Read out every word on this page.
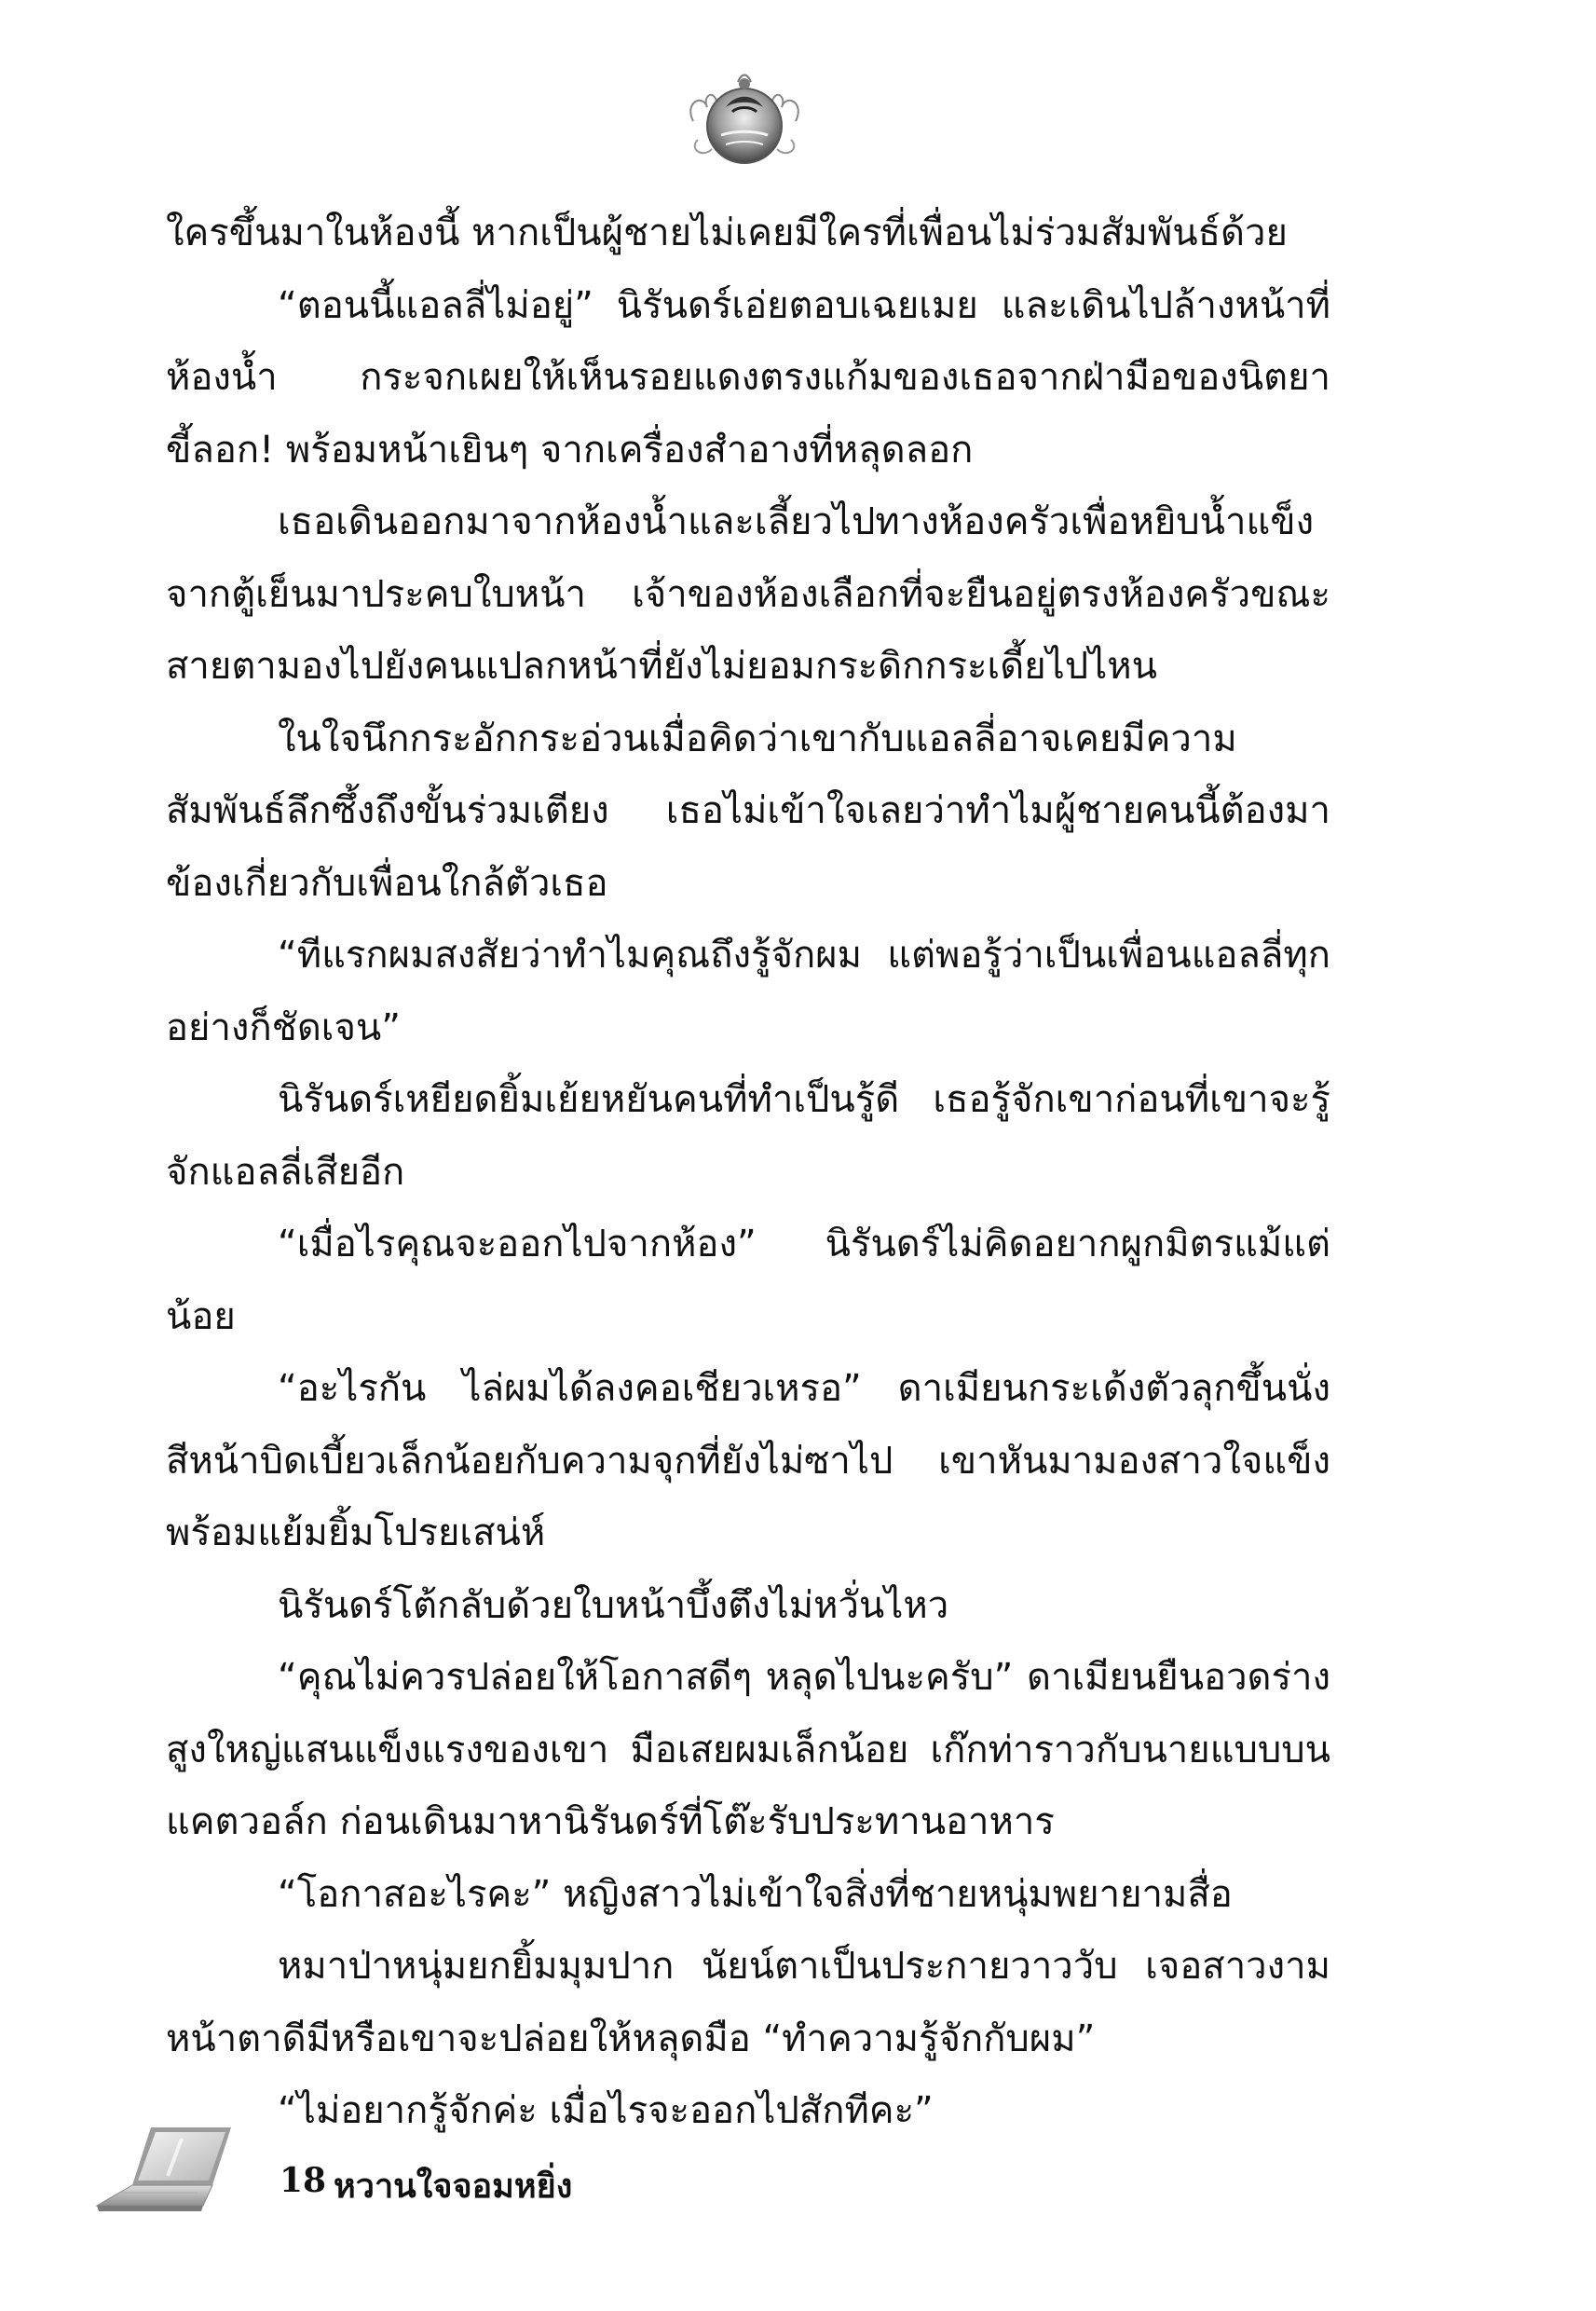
ใครขึ้นมาในห้องนี้ หากเป็นผู้ชายไม่เคยมีใครที่เพื่อนไม่ร่วมสัมพันธ์ด้วย

“ตอนนี้แอลลี่ไม่อยู่” นิรันดร์เอ่ยตอบเฉยเมย และเดินไปล้างหน้าที่ห้องน้ำ กระจกเผยให้เห็นรอยแดงตรงแก้มของเธอจากฝ่ามือของนิตยาขี้ลอก! พร้อมหน้าเยินๆ จากเครื่องสำอางที่หลุดลอก

เธอเดินออกมาจากห้องน้ำและเลี้ยวไปทางห้องครัวเพื่อหยิบน้ำแข็งจากตู้เย็นมาประคบใบหน้า เจ้าของห้องเลือกที่จะยืนอยู่ตรงห้องครัวขณะสายตามองไปยังคนแปลกหน้าที่ยังไม่ยอมกระดิกกระเดี้ยไปไหน

ในใจนึกกระอักกระอ่วนเมื่อคิดว่าเขากับแอลลี่อาจเคยมีความสัมพันธ์ลึกซึ้งถึงขั้นร่วมเตียง เธอไม่เข้าใจเลยว่าทำไมผู้ชายคนนี้ต้องมาข้องเกี่ยวกับเพื่อนใกล้ตัวเธอ

“ทีแรกผมสงสัยว่าทำไมคุณถึงรู้จักผม แต่พอรู้ว่าเป็นเพื่อนแอลลี่ทุกอย่างก็ชัดเจน”

นิรันดร์เหยียดยิ้มเย้ยหยันคนที่ทำเป็นรู้ดี เธอรู้จักเขาก่อนที่เขาจะรู้จักแอลลี่เสียอีก

“เมื่อไรคุณจะออกไปจากห้อง” นิรันดร์ไม่คิดอยากผูกมิตรแม้แต่น้อย

“อะไรกัน ไล่ผมได้ลงคอเชียวเหรอ” ดาเมียนกระเด้งตัวลุกขึ้นนั่งสีหน้าบิดเบี้ยวเล็กน้อยกับความจุกที่ยังไม่ซาไป เขาหันมามองสาวใจแข็งพร้อมแย้มยิ้มโปรยเสน่ห์

นิรันดร์โต้กลับด้วยใบหน้าบึ้งตึงไม่หวั่นไหว

“คุณไม่ควรปล่อยให้โอกาสดีๆ หลุดไปนะครับ” ดาเมียนยืนอวดร่างสูงใหญ่แสนแข็งแรงของเขา มือเสยผมเล็กน้อย เก๊กท่าราวกับนายแบบบนแคตวอล์ก ก่อนเดินมาหานิรันดร์ที่โต๊ะรับประทานอาหาร

“โอกาสอะไรคะ” หญิงสาวไม่เข้าใจสิ่งที่ชายหนุ่มพยายามสื่อ

หมาป่าหนุ่มยกยิ้มมุมปาก นัยน์ตาเป็นประกายวาววับ เจอสาวงามหน้าตาดีมีหรือเขาจะปล่อยให้หลุดมือ “ทำความรู้จักกับผม”

“ไม่อยากรู้จักค่ะ เมื่อไรจะออกไปสักทีคะ”

18 หวานใจจอมหยิ่ง
